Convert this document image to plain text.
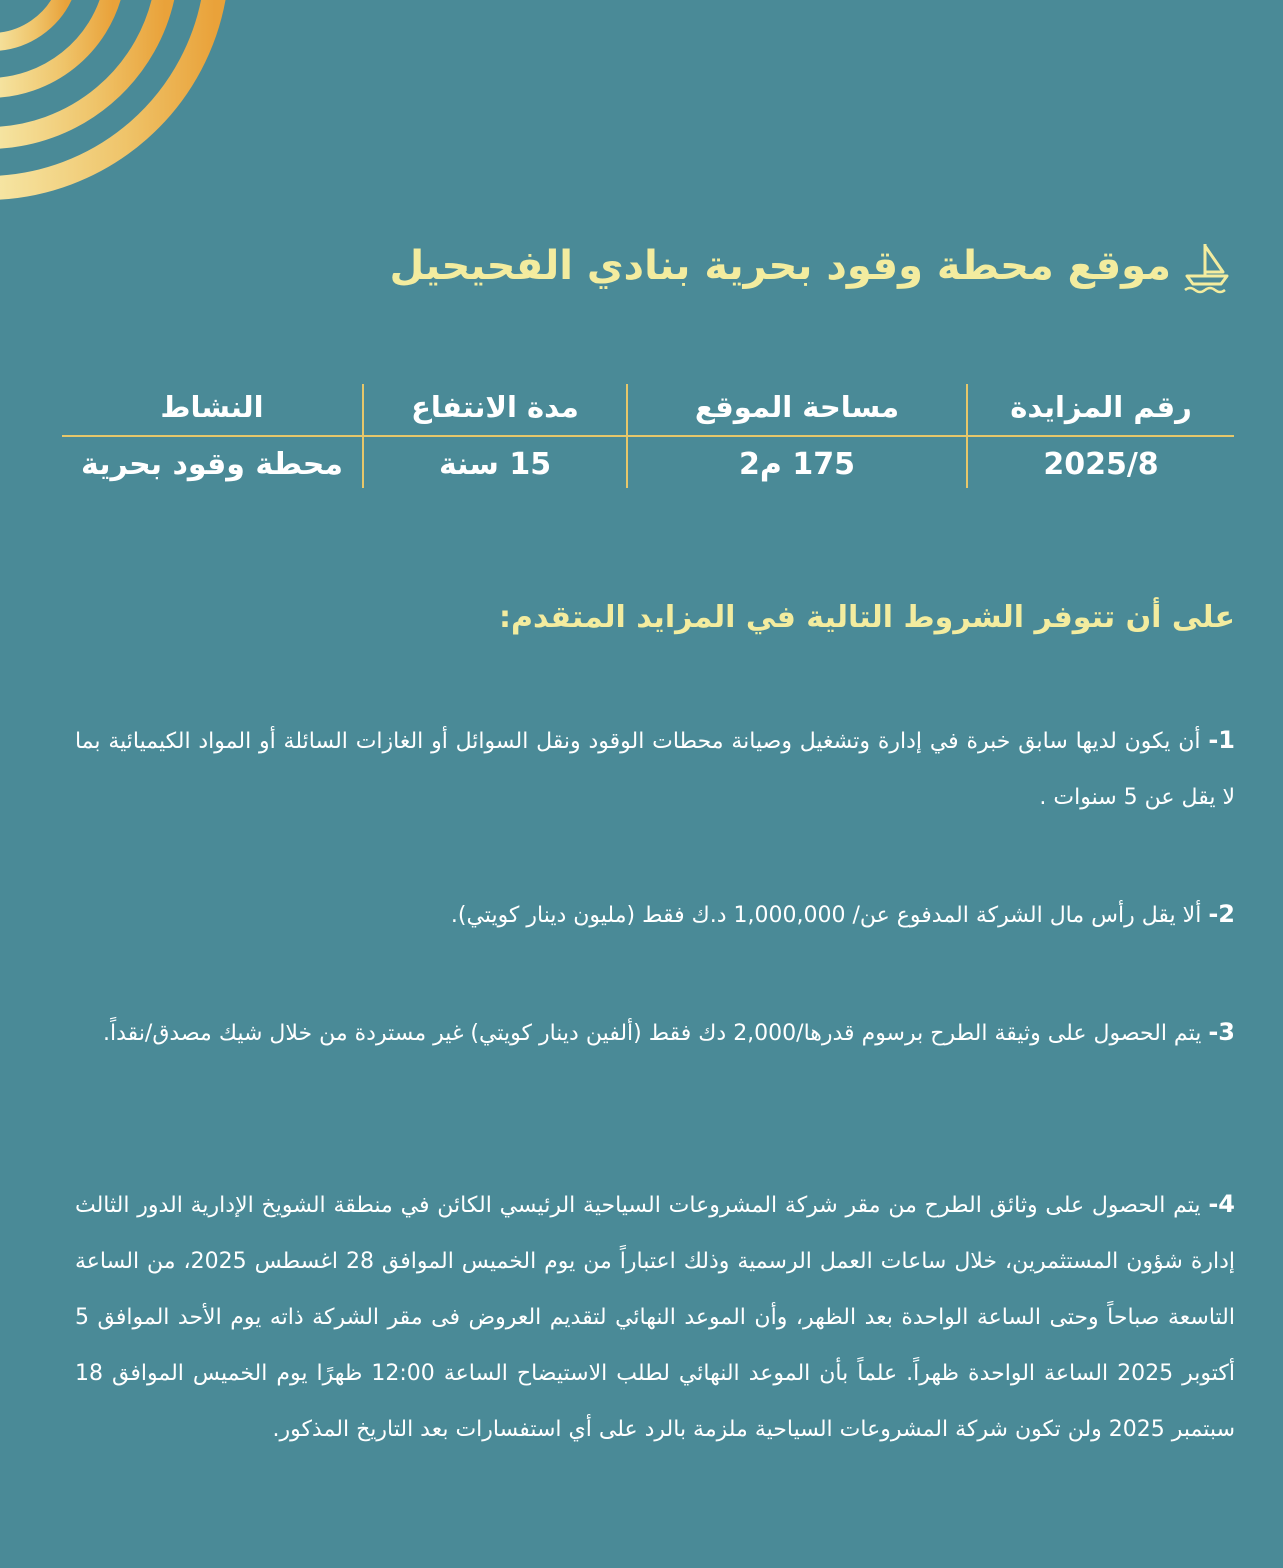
موقع محطة وقود بحرية بنادي الفحيحيل
رقم المزايدة
2025/8
مساحة الموقع
175 م2
مدة الانتفاع
15 سنة
النشاط
محطة وقود بحرية
على أن تتوفر الشروط التالية في المزايد المتقدم:
1- أن يكون لديها سابق خبرة في إدارة وتشغيل وصيانة محطات الوقود ونقل السوائل أو الغازات السائلة أو المواد الكيميائية بما لا يقل عن 5 سنوات .
2- ألا يقل رأس مال الشركة المدفوع عن/ 1,000,000 د.ك فقط (مليون دينار كويتي).
3- يتم الحصول على وثيقة الطرح برسوم قدرها/2,000 دك فقط (ألفين دينار كويتي) غير مستردة من خلال شيك مصدق/نقداً.
4- يتم الحصول على وثائق الطرح من مقر شركة المشروعات السياحية الرئيسي الكائن في منطقة الشويخ الإدارية الدور الثالث إدارة شؤون المستثمرين، خلال ساعات العمل الرسمية وذلك اعتباراً من يوم الخميس الموافق 28 اغسطس 2025، من الساعة التاسعة صباحاً وحتى الساعة الواحدة بعد الظهر، وأن الموعد النهائي لتقديم العروض فى مقر الشركة ذاته يوم الأحد الموافق 5 أكتوبر 2025 الساعة الواحدة ظهراً. علماً بأن الموعد النهائي لطلب الاستيضاح الساعة 12:00 ظهرًا يوم الخميس الموافق 18 سبتمبر 2025 ولن تكون شركة المشروعات السياحية ملزمة بالرد على أي استفسارات بعد التاريخ المذكور.
